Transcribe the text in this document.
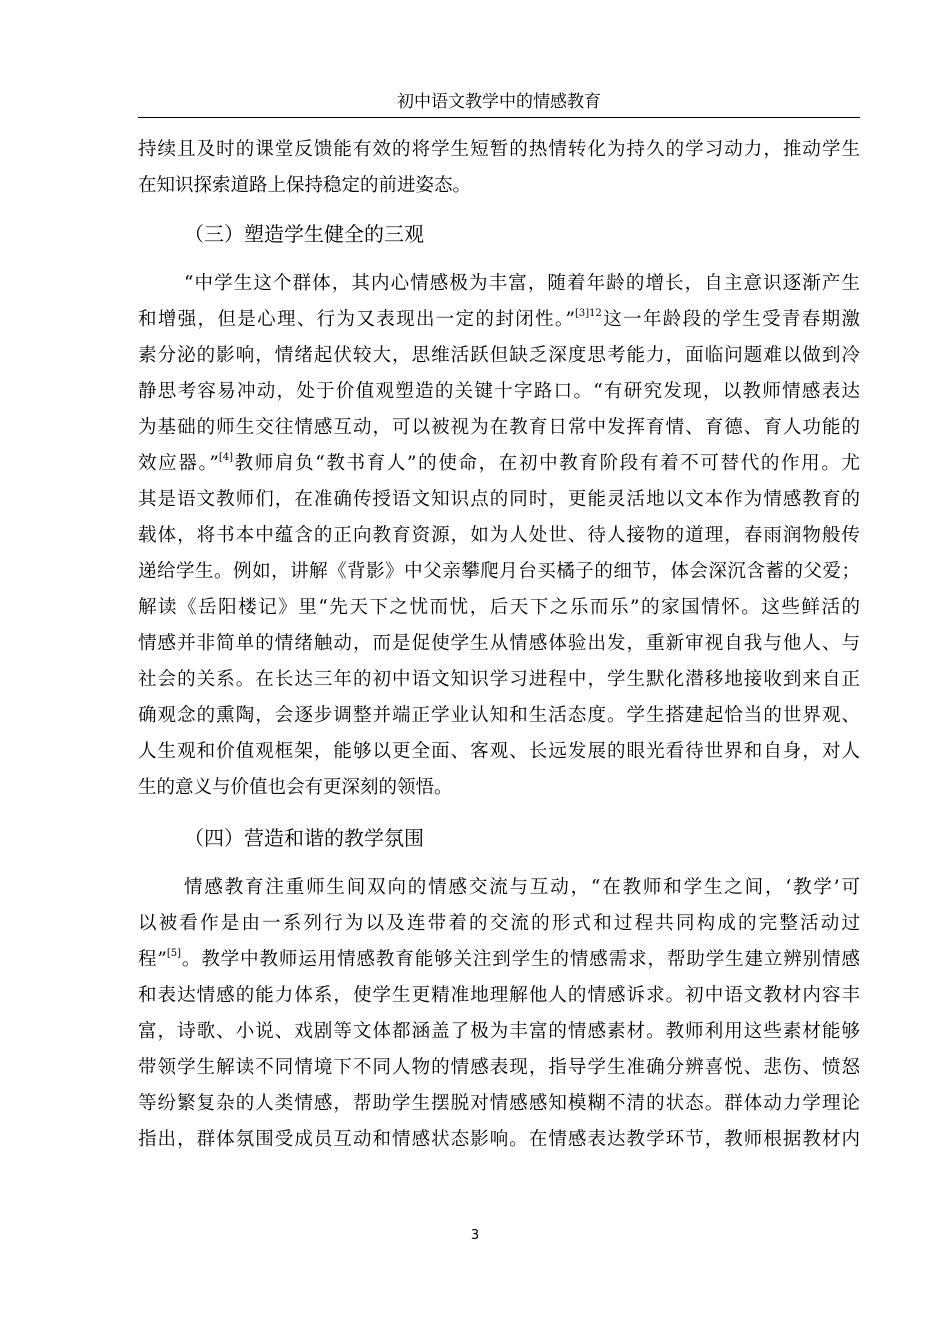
初中语文教学中的情感教育
持续且及时的课堂反馈能有效的将学生短暂的热情转化为持久的学习动力，推动学生
在知识探索道路上保持稳定的前进姿态。
（三）塑造学生健全的三观
“中学生这个群体，其内心情感极为丰富，随着年龄的增长，自主意识逐渐产生
和增强，但是心理、行为又表现出一定的封闭性。”$^{[3]12}$这一年龄段的学生受青春期激
素分泌的影响，情绪起伏较大，思维活跃但缺乏深度思考能力，面临问题难以做到冷
静思考容易冲动，处于价值观塑造的关键十字路口。“有研究发现，以教师情感表达
为基础的师生交往情感互动，可以被视为在教育日常中发挥育情、育德、育人功能的
效应器。”[4]教师肩负“教书育人”的使命，在初中教育阶段有着不可替代的作用。尤
其是语文教师们，在准确传授语文知识点的同时，更能灵活地以文本作为情感教育的
载体，将书本中蕴含的正向教育资源，如为人处世、待人接物的道理，春雨润物般传
递给学生。例如，讲解《背影》中父亲攀爬月台买橘子的细节，体会深沉含蓄的父爱；
解读《岳阳楼记》里“先天下之忧而忧，后天下之乐而乐”的家国情怀。这些鲜活的
情感并非简单的情绪触动，而是促使学生从情感体验出发，重新审视自我与他人、与
社会的关系。在长达三年的初中语文知识学习进程中，学生默化潜移地接收到来自正
确观念的熏陶，会逐步调整并端正学业认知和生活态度。学生搭建起恰当的世界观、
人生观和价值观框架，能够以更全面、客观、长远发展的眼光看待世界和自身，对人
生的意义与价值也会有更深刻的领悟。
（四）营造和谐的教学氛围
情感教育注重师生间双向的情感交流与互动，“在教师和学生之间，‘教学’可
以被看作是由一系列行为以及连带着的交流的形式和过程共同构成的完整活动过
程”[5]。教学中教师运用情感教育能够关注到学生的情感需求，帮助学生建立辨别情感
和表达情感的能力体系，使学生更精准地理解他人的情感诉求。初中语文教材内容丰
富，诗歌、小说、戏剧等文体都涵盖了极为丰富的情感素材。教师利用这些素材能够
带领学生解读不同情境下不同人物的情感表现，指导学生准确分辨喜悦、悲伤、愤怒
等纷繁复杂的人类情感，帮助学生摆脱对情感感知模糊不清的状态。群体动力学理论
指出，群体氛围受成员互动和情感状态影响。在情感表达教学环节，教师根据教材内
3
